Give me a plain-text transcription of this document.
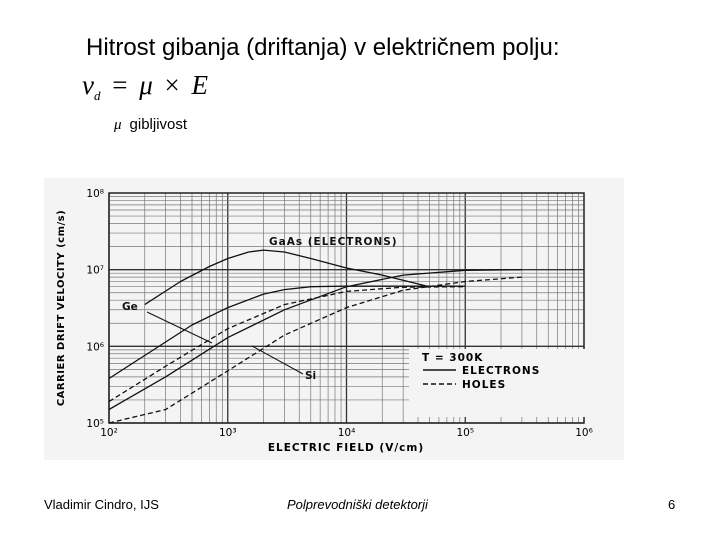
Hitrost gibanja (driftanja) v električnem polju:
$v_d = \mu \times E$
μ gibljivost
10²	10³	10⁴	10⁵	10⁶
10⁵
10⁶
10⁷
10⁸
ELECTRIC FIELD (V/cm)
CARRIER DRIFT VELOCITY (cm/s)	GaAs (ELECTRONS)
Ge
Si
T = 300K
ELECTRONS
HOLES
Vladimir Cindro, IJS	Polprevodniški detektorji	6
